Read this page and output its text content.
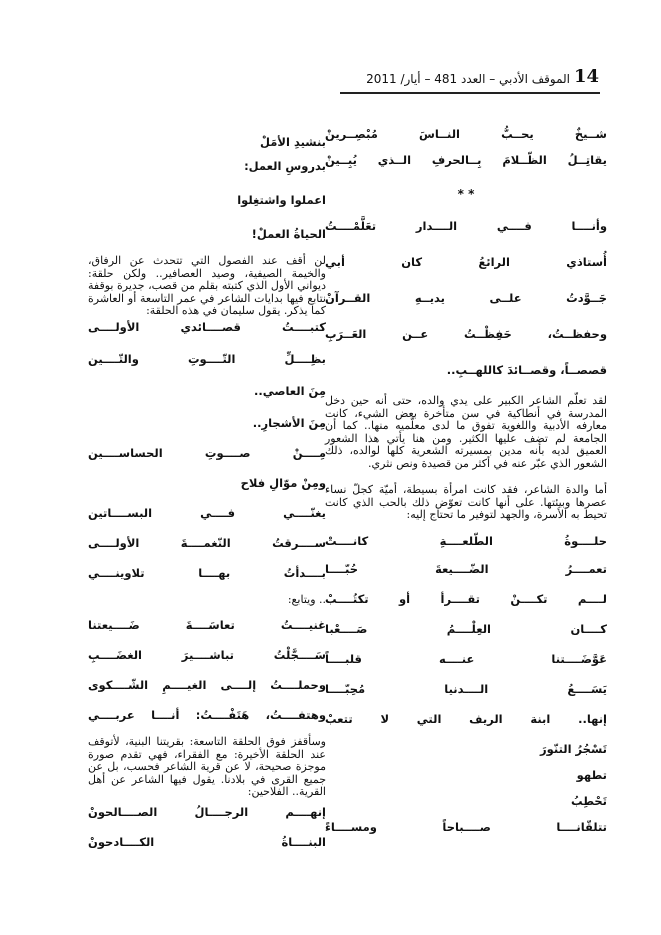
14
الموقف الأدبي – العدد 481 – أيار/ 2011
شــيخٌ يحــبُّ النــاسَ مُبْصِــرينْ
يقاتِــلُ الظّــلامَ بِــالحرفِ الــذي يُبِــينْ
* *
وأنــــا فــــي الــــدار تعَلَّمْــــتُ
أُستاذي الرائعُ كان أبي
جَــوَّدتُ علــى يديــهِ القــرآنْ
وحفظــتُ، حَفِظْــتُ عــن العَــرَبِ
قصصــاً، وقصــائدَ كاللهــبِ..
لقد تعلّم الشاعر الكبير على يدي والده، حتى أنه حين دخل المدرسة في أنطاكية في سن متأخرة بعض الشيء، كانت معارفه الأدبية واللغوية تفوق ما لدى معلّميه منها.. كما أن الجامعة لم تضف عليها الكثير. ومن هنا يأتي هذا الشعور العميق لديه بأنه مدين بمسيرته الشعرية كلها لوالده، ذلك الشعور الذي عبّر عنه في أكثر من قصيدة ونص نثري.
أما والدة الشاعر، فقد كانت امرأة بسيطة، أميّة كجلّ نساء عصرها وبيئتها. على أنها كانت تعوّض ذلك بالحب الذي كانت تحيط به الأسرة، والجهد لتوفير ما تحتاج إليه:
حلــــوةُ الطّلعــــةِ كانــــتْ
تعمــــرُ الضّــــيعةَ حُبّــــا
لــــم تكــــنْ تقــــرأ أو تكتُــــبْ
كــــان العِلْــــمُ صَــــعْبا
عَوَّضَــــتنا عنــــه قلبــــاً
يَسَــــعُ الــــدنيا مُحِبّــــا
إنها.. ابنة الريف التي لا تتعبْ
تَسْجُرُ التنّورَ
تطهو
تَحْطِبُ
تتلقّانــــا صــــباحاً ومســــاءً
بنشيدِ الأمَلْ
بدروسِ العمل:
اعملوا واشتغِلوا
الحياةُ العملْ!
لن أقف عند الفصول التي تتحدث عن الرفاق، والخيمة الصيفية، وصيد العصافير.. ولكن حلقة: ديواني الأول الذي كتبته بقلم من قصب، جديرة بوقفة نتابع فيها بدايات الشاعر في عمر التاسعة أو العاشرة كما يذكر. يقول سليمان في هذه الحلقة:
كتبــــتُ قصــــائدي الأولــــى
بظِــــلِّ التّــــوتِ والتّــــين
مِنَ العاصي..
مِنَ الأشجارِ..
مِــــنْ صــــوتِ الحساســــين
ومِنْ موّالِ فلاح
يغنّــــي فــــي البســــاتين
ســــرقتُ النّغمــــةَ الأولــــى
بــــدأتُ بهــــا تلاوينــــي
.. ويتابع:
غنيــــتُ تعاسَــــةَ ضَــــيعتنا
سَــــجَّلْتُ تباشــــيرَ الغضَــــبِ
وحملــــتُ إلــــى الغيــــمِ الشّــــكوى
وهتفــــتُ، هَتَفْــــتُ: أنــــا عربــــي
وسأقفز فوق الحلقة التاسعة: بقريتنا البنية، لأتوقف عند الحلقة الأخيرة: مع الفقراء، فهي تقدم صورة موجزة صحيحة، لا عن قرية الشاعر فحسب، بل عن جميع القرى في بلادنا. يقول فيها الشاعر عن أهل القرية.. الفلاحين:
إنهــــم الرجــــالُ الصــــالحونْ
البنــــاةُ الكــــادحونْ
